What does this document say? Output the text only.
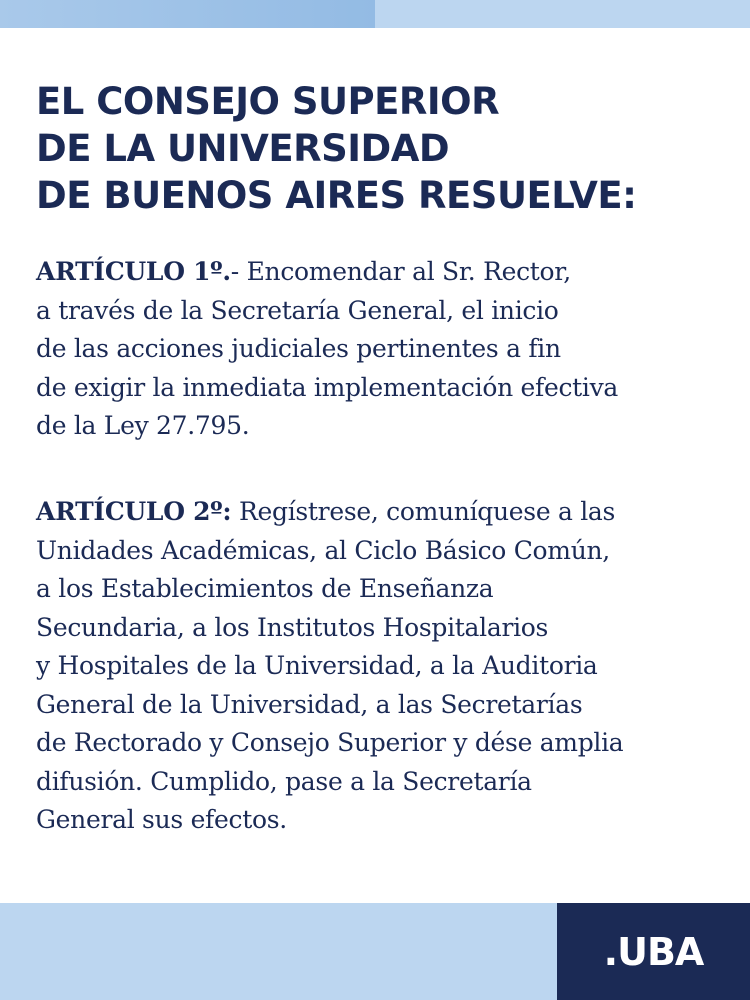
EL CONSEJO SUPERIOR
DE LA UNIVERSIDAD
DE BUENOS AIRES RESUELVE:
ARTÍCULO 1º.- Encomendar al Sr. Rector,
a través de la Secretaría General, el inicio
de las acciones judiciales pertinentes a fin
de exigir la inmediata implementación efectiva
de la Ley 27.795.
ARTÍCULO 2º: Regístrese, comuníquese a las
Unidades Académicas, al Ciclo Básico Común,
a los Establecimientos de Enseñanza
Secundaria, a los Institutos Hospitalarios
y Hospitales de la Universidad, a la Auditoria
General de la Universidad, a las Secretarías
de Rectorado y Consejo Superior y dése amplia
difusión. Cumplido, pase a la Secretaría
General sus efectos.
.UBA
